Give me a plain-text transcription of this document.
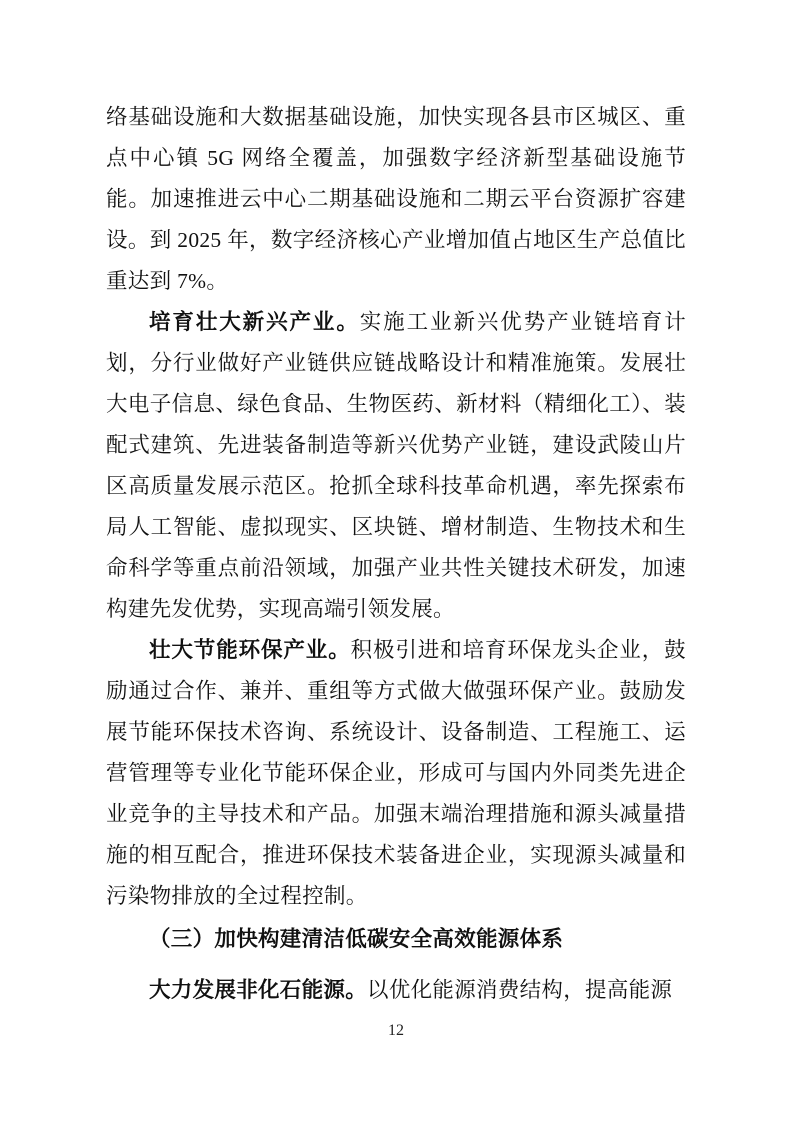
络基础设施和大数据基础设施，加快实现各县市区城区、重点中心镇 5G 网络全覆盖，加强数字经济新型基础设施节能。加速推进云中心二期基础设施和二期云平台资源扩容建设。到 2025 年，数字经济核心产业增加值占地区生产总值比重达到 7%。

培育壮大新兴产业。实施工业新兴优势产业链培育计划，分行业做好产业链供应链战略设计和精准施策。发展壮大电子信息、绿色食品、生物医药、新材料（精细化工）、装配式建筑、先进装备制造等新兴优势产业链，建设武陵山片区高质量发展示范区。抢抓全球科技革命机遇，率先探索布局人工智能、虚拟现实、区块链、增材制造、生物技术和生命科学等重点前沿领域，加强产业共性关键技术研发，加速构建先发优势，实现高端引领发展。

壮大节能环保产业。积极引进和培育环保龙头企业，鼓励通过合作、兼并、重组等方式做大做强环保产业。鼓励发展节能环保技术咨询、系统设计、设备制造、工程施工、运营管理等专业化节能环保企业，形成可与国内外同类先进企业竞争的主导技术和产品。加强末端治理措施和源头减量措施的相互配合，推进环保技术装备进企业，实现源头减量和污染物排放的全过程控制。

（三）加快构建清洁低碳安全高效能源体系

大力发展非化石能源。以优化能源消费结构，提高能源

12
